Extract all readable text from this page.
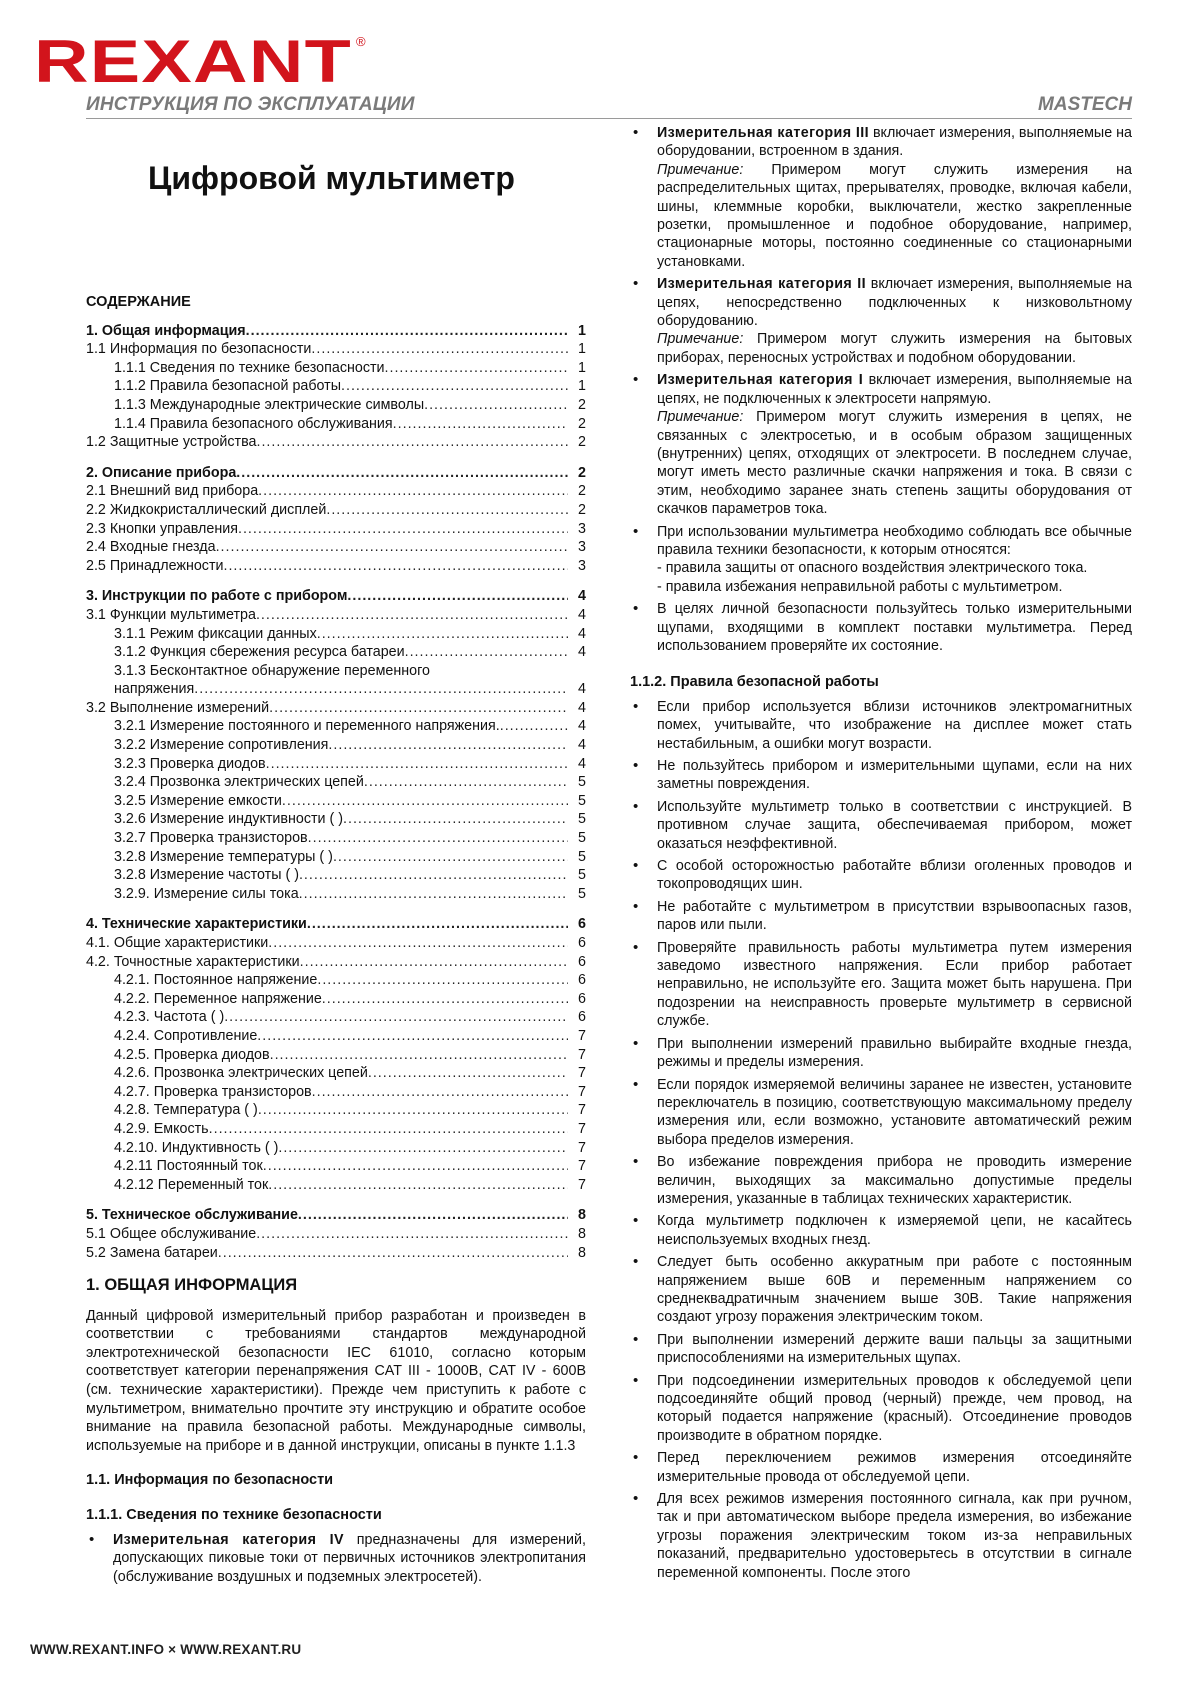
REXANT ®
ИНСТРУКЦИЯ ПО ЭКСПЛУАТАЦИИ	MASTECH
Цифровой мультиметр
СОДЕРЖАНИЕ
1. Общая информация .....	1
1.1 Информация по безопасности .....	1
1.1.1 Сведения по технике безопасности .....	1
1.1.2 Правила безопасной работы .....	1
1.1.3 Международные электрические символы .....	2
1.1.4 Правила безопасного обслуживания .....	2
1.2 Защитные устройства .....	2
2. Описание прибора .....	2
2.1 Внешний вид прибора .....	2
2.2 Жидкокристаллический дисплей .....	2
2.3 Кнопки управления .....	3
2.4 Входные гнезда .....	3
2.5 Принадлежности .....	3
3. Инструкции по работе с прибором .....	4
3.1 Функции мультиметра .....	4
3.1.1 Режим фиксации данных .....	4
3.1.2 Функция сбережения ресурса батареи .....	4
3.1.3 Бесконтактное обнаружение переменного
напряжения .....	4
3.2 Выполнение измерений .....	4
3.2.1 Измерение постоянного и переменного напряжения. .....	4
3.2.2 Измерение сопротивления .....	4
3.2.3 Проверка диодов .....	4
3.2.4 Прозвонка электрических цепей .....	5
3.2.5 Измерение емкости .....	5
3.2.6 Измерение индуктивности ( ) .....	5
3.2.7 Проверка транзисторов .....	5
3.2.8 Измерение температуры ( ) .....	5
3.2.8 Измерение частоты ( ) .....	5
3.2.9. Измерение силы тока .....	5
4. Технические характеристики .....	6
4.1. Общие характеристики .....	6
4.2. Точностные характеристики .....	6
4.2.1. Постоянное напряжение .....	6
4.2.2. Переменное напряжение .....	6
4.2.3. Частота ( ) .....	6
4.2.4. Сопротивление .....	7
4.2.5. Проверка диодов .....	7
4.2.6. Прозвонка электрических цепей .....	7
4.2.7. Проверка транзисторов .....	7
4.2.8. Температура ( ) .....	7
4.2.9. Емкость .....	7
4.2.10. Индуктивность ( ) .....	7
4.2.11 Постоянный ток .....	7
4.2.12 Переменный ток .....	7
5. Техническое обслуживание .....	8
5.1 Общее обслуживание .....	8
5.2 Замена батареи .....	8
1. ОБЩАЯ ИНФОРМАЦИЯ

Данный цифровой измерительный прибор разработан и произведен в соответствии с требованиями стандартов международной электротехнической безопасности IEC 61010, согласно которым соответствует категории перенапряжения CAT III - 1000В, CAT IV - 600В (см. технические характеристики). Прежде чем приступить к работе с мультиметром, внимательно прочтите эту инструкцию и обратите особое внимание на правила безопасной работы. Международные символы, используемые на приборе и в данной инструкции, описаны в пункте 1.1.3

1.1. Информация по безопасности
1.1.1. Сведения по технике безопасности
• Измерительная категория IV предназначены для измерений, допускающих пиковые токи от первичных источников электропитания (обслуживание воздушных и подземных электросетей).
• Измерительная категория III включает измерения, выполняемые на оборудовании, встроенном в здания.
Примечание: Примером могут служить измерения на распределительных щитах, прерывателях, проводке, включая кабели, шины, клеммные коробки, выключатели, жестко закрепленные розетки, промышленное и подобное оборудование, например, стационарные моторы, постоянно соединенные со стационарными установками.
• Измерительная категория II включает измерения, выполняемые на цепях, непосредственно подключенных к низковольтному оборудованию.
Примечание: Примером могут служить измерения на бытовых приборах, переносных устройствах и подобном оборудовании.
• Измерительная категория I включает измерения, выполняемые на цепях, не подключенных к электросети напрямую.
Примечание: Примером могут служить измерения в цепях, не связанных с электросетью, и в особым образом защищенных (внутренних) цепях, отходящих от электросети. В последнем случае, могут иметь место различные скачки напряжения и тока. В связи с этим, необходимо заранее знать степень защиты оборудования от скачков параметров тока.
• При использовании мультиметра необходимо соблюдать все обычные правила техники безопасности, к которым относятся:
- правила защиты от опасного воздействия электрического тока.
- правила избежания неправильной работы с мультиметром.
• В целях личной безопасности пользуйтесь только измерительными щупами, входящими в комплект поставки мультиметра. Перед использованием проверяйте их состояние.
1.1.2. Правила безопасной работы
• Если прибор используется вблизи источников электромагнитных помех, учитывайте, что изображение на дисплее может стать нестабильным, а ошибки могут возрасти.
• Не пользуйтесь прибором и измерительными щупами, если на них заметны повреждения.
• Используйте мультиметр только в соответствии с инструкцией. В противном случае защита, обеспечиваемая прибором, может оказаться неэффективной.
• С особой осторожностью работайте вблизи оголенных проводов и токопроводящих шин.
• Не работайте с мультиметром в присутствии взрывоопасных газов, паров или пыли.
• Проверяйте правильность работы мультиметра путем измерения заведомо известного напряжения. Если прибор работает неправильно, не используйте его. Защита может быть нарушена. При подозрении на неисправность проверьте мультиметр в сервисной службе.
• При выполнении измерений правильно выбирайте входные гнезда, режимы и пределы измерения.
• Если порядок измеряемой величины заранее не известен, установите переключатель в позицию, соответствующую максимальному пределу измерения или, если возможно, установите автоматический режим выбора пределов измерения.
• Во избежание повреждения прибора не проводить измерение величин, выходящих за максимально допустимые пределы измерения, указанные в таблицах технических характеристик.
• Когда мультиметр подключен к измеряемой цепи, не касайтесь неиспользуемых входных гнезд.
• Следует быть особенно аккуратным при работе с постоянным напряжением выше 60В и переменным напряжением со среднеквадратичным значением выше 30В. Такие напряжения создают угрозу поражения электрическим током.
• При выполнении измерений держите ваши пальцы за защитными приспособлениями на измерительных щупах.
• При подсоединении измерительных проводов к обследуемой цепи подсоединяйте общий провод (черный) прежде, чем провод, на который подается напряжение (красный). Отсоединение проводов производите в обратном порядке.
• Перед переключением режимов измерения отсоединяйте измерительные провода от обследуемой цепи.
• Для всех режимов измерения постоянного сигнала, как при ручном, так и при автоматическом выборе предела измерения, во избежание угрозы поражения электрическим током из-за неправильных показаний, предварительно удостоверьтесь в отсутствии в сигнале переменной компоненты. После этого
WWW.REXANT.INFO × WWW.REXANT.RU
